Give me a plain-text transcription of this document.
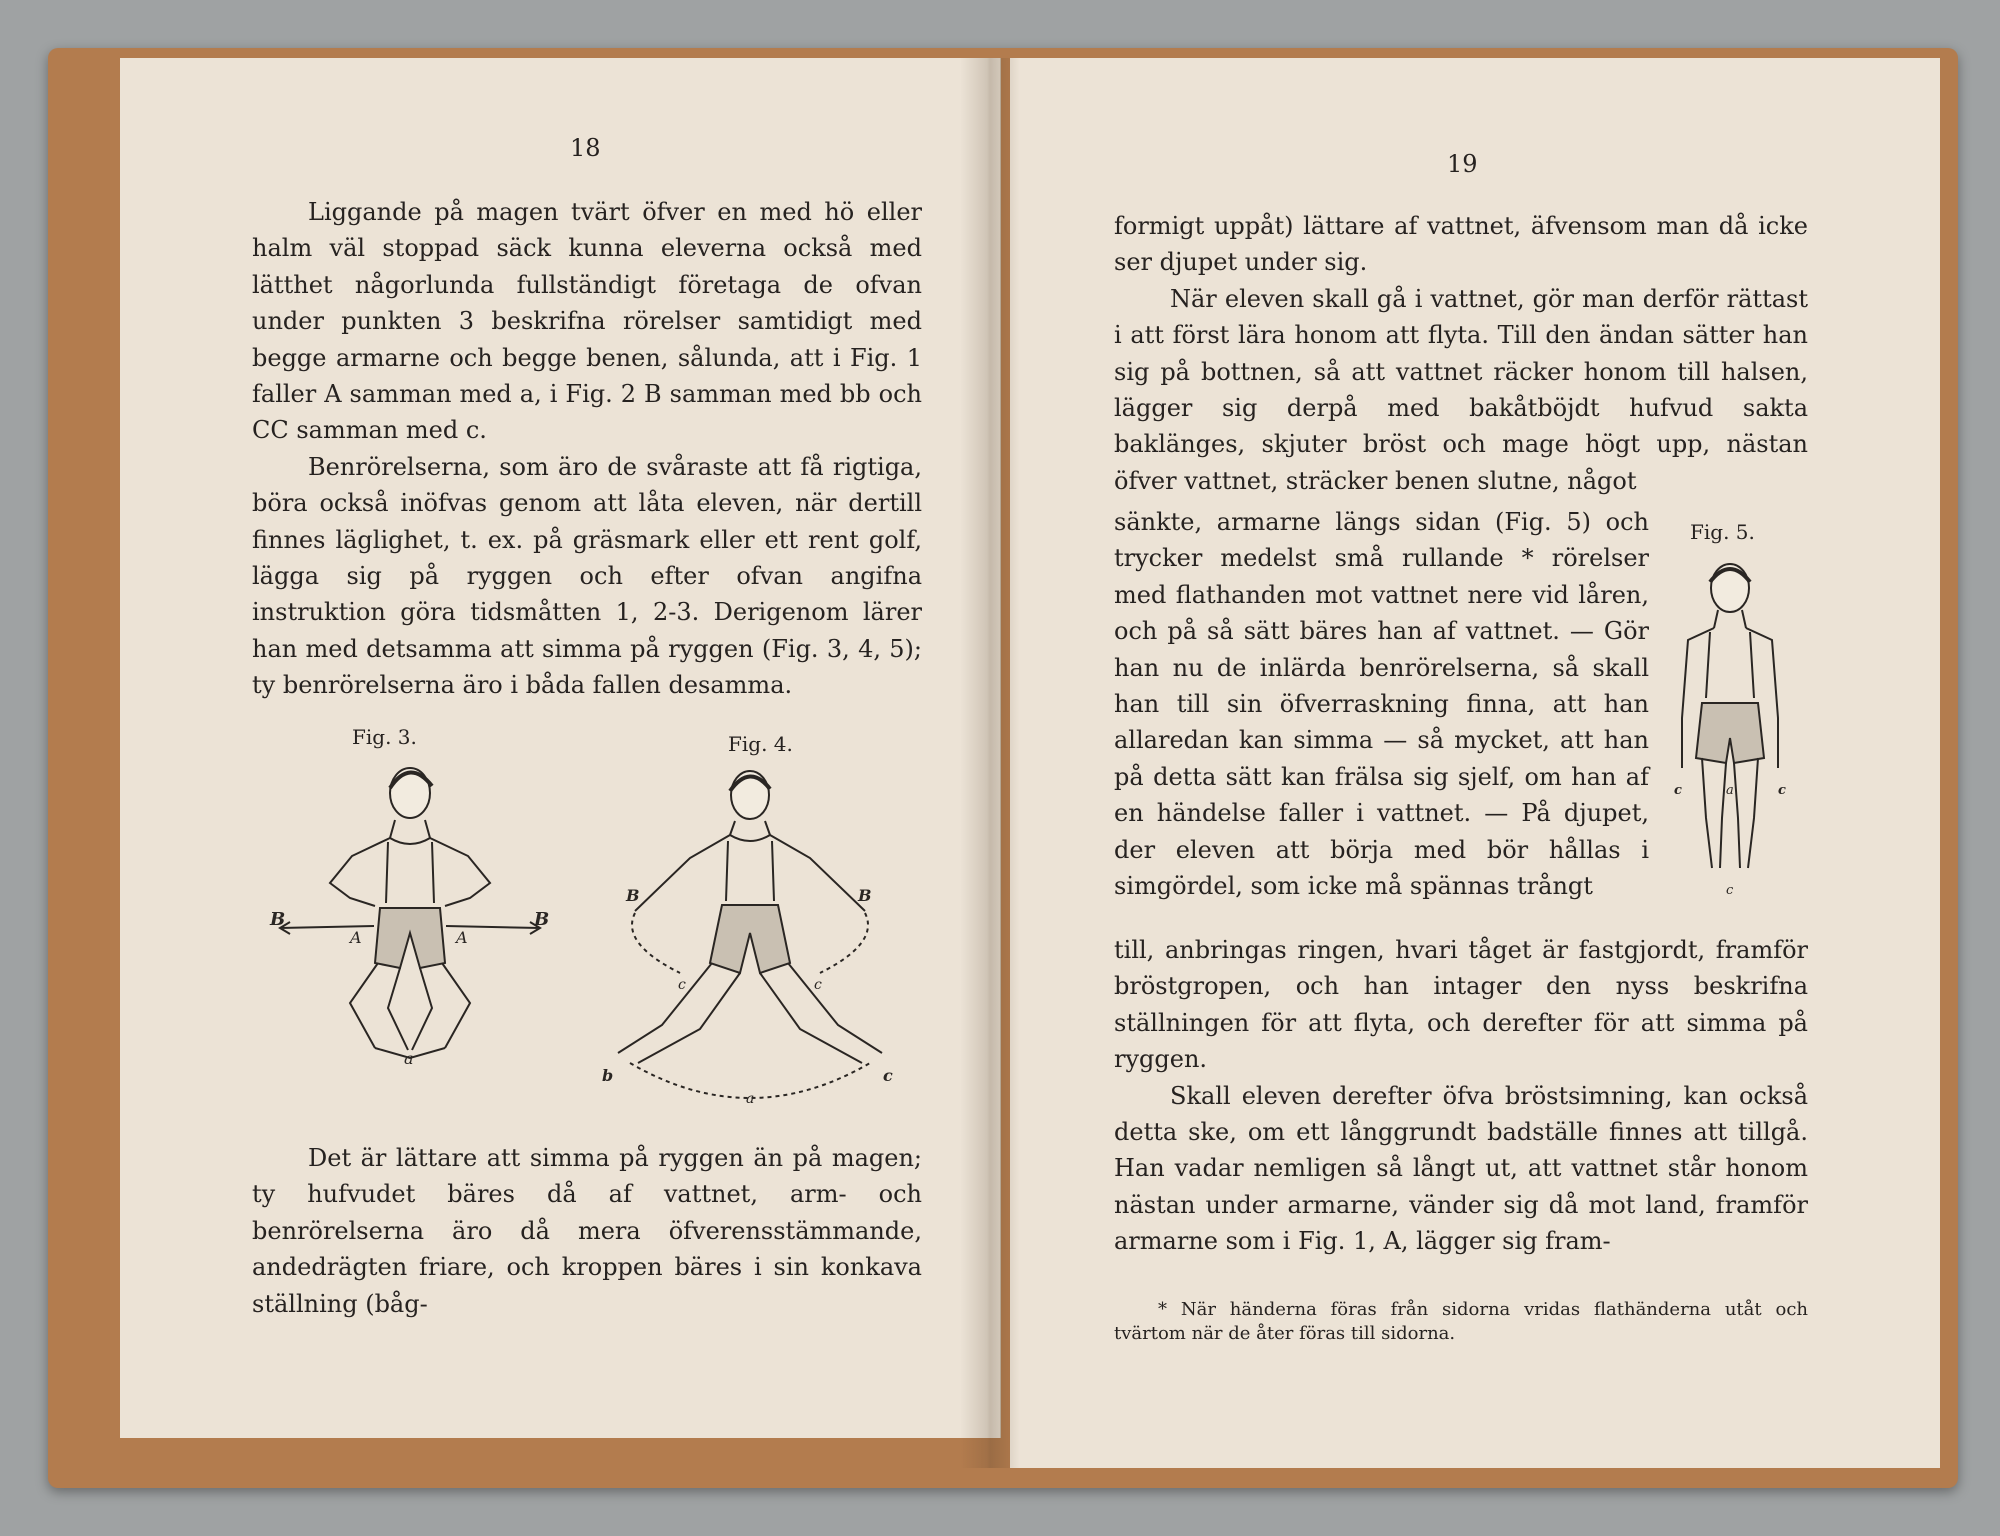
18

Liggande på magen tvärt öfver en med hö eller halm väl stoppad säck kunna eleverna också med lätthet någorlunda fullständigt företaga de ofvan under punkten 3 beskrifna rörelser samtidigt med begge armarne och begge benen, sålunda, att i Fig. 1 faller A samman med a, i Fig. 2 B samman med bb och CC samman med c.

Benrörelserna, som äro de svåraste att få rigtiga, böra också inöfvas genom att låta eleven, när dertill finnes läglighet, t. ex. på gräsmark eller ett rent golf, lägga sig på ryggen och efter ofvan angifna instruktion göra tidsmåtten 1, 2-3. Derigenom lärer han med detsamma att simma på ryggen (Fig. 3, 4, 5); ty benrörelserna äro i båda fallen desamma.

Fig. 3.	Fig. 4.
B
A	A
B
a
B	B
c	c
b	c
a

Det är lättare att simma på ryggen än på magen; ty hufvudet bäres då af vattnet, arm- och benrörelserna äro då mera öfverensstämmande, andedrägten friare, och kroppen bäres i sin konkava ställning (båg-

19

formigt uppåt) lättare af vattnet, äfvensom man då icke ser djupet under sig.

När eleven skall gå i vattnet, gör man derför rättast i att först lära honom att flyta. Till den ändan sätter han sig på bottnen, så att vattnet räcker honom till halsen, lägger sig derpå med bakåtböjdt hufvud sakta baklänges, skjuter bröst och mage högt upp, nästan öfver vattnet, sträcker benen slutne, något

sänkte, armarne längs sidan (Fig. 5) och trycker medelst små rullande * rörelser med flathanden mot vattnet nere vid låren, och på så sätt bäres han af vattnet. — Gör han nu de inlärda benrörelserna, så skall han till sin öfverraskning finna, att han allaredan kan simma — så mycket, att han på detta sätt kan frälsa sig sjelf, om han af en händelse faller i vattnet. — På djupet, der eleven att börja med bör hållas i simgördel, som icke må spännas trångt

Fig. 5.
c	a	c
c

till, anbringas ringen, hvari tåget är fastgjordt, framför bröstgropen, och han intager den nyss beskrifna ställningen för att flyta, och derefter för att simma på ryggen.

Skall eleven derefter öfva bröstsimning, kan också detta ske, om ett långgrundt badställe finnes att tillgå. Han vadar nemligen så långt ut, att vattnet står honom nästan under armarne, vänder sig då mot land, framför armarne som i Fig. 1, A, lägger sig fram-

* När händerna föras från sidorna vridas flathänderna utåt och tvärtom när de åter föras till sidorna.
